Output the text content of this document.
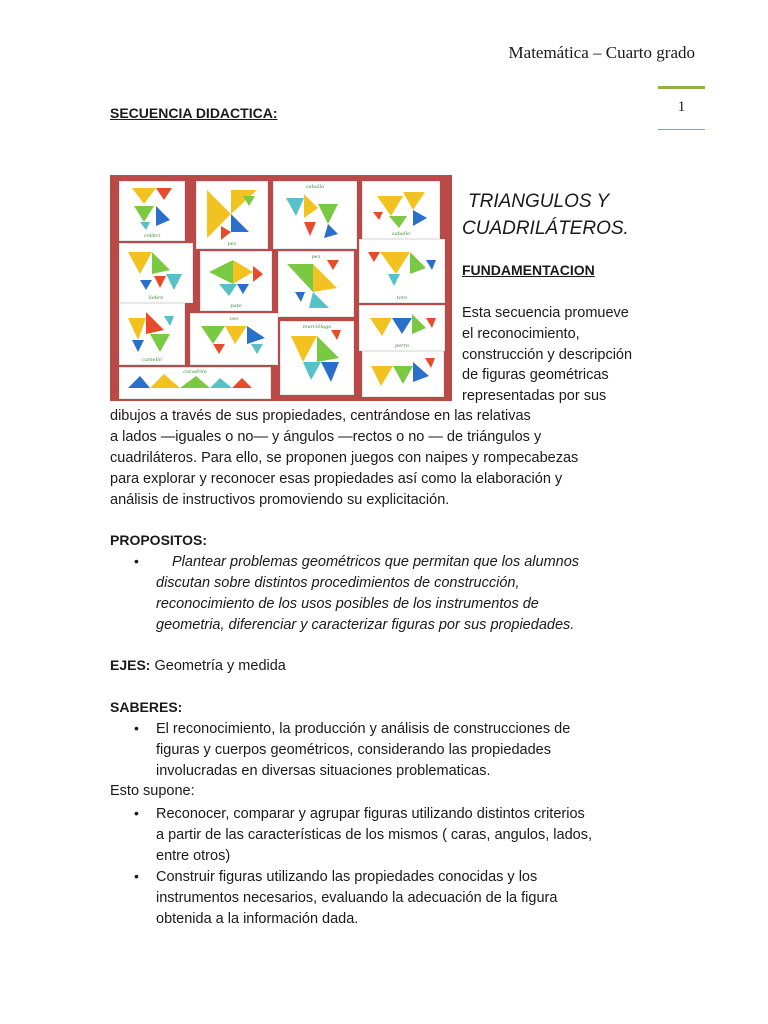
Matemática – Cuarto grado
1
SECUENCIA DIDACTICA:
colibrí
pez
caballo
caballo
liebre
pato
pez
toro
camello
oso
murciélago
perro
cocodrilo
TRIANGULOS Y
CUADRILÁTEROS.
FUNDAMENTACION
Esta secuencia promueve
el reconocimiento,
construcción y descripción
de figuras geométricas
representadas por sus
dibujos a través de sus propiedades, centrándose en las relativas
a lados —iguales o no— y ángulos —rectos o no — de triángulos y
cuadriláteros. Para ello, se proponen juegos con naipes y rompecabezas
para explorar y reconocer esas propiedades así como la elaboración y
análisis de instructivos promoviendo su explicitación.
PROPOSITOS:
•	Plantear problemas geométricos que permitan que los alumnos
discutan sobre distintos procedimientos de construcción,
reconocimiento de los usos posibles de los instrumentos de
geometria, diferenciar y caracterizar figuras por sus propiedades.
EJES: Geometría y medida
SABERES:
• El reconocimiento, la producción y análisis de construcciones de
figuras y cuerpos geométricos, considerando las propiedades
involucradas en diversas situaciones problematicas.
Esto supone:
• Reconocer, comparar y agrupar figuras utilizando distintos criterios
a partir de las características de los mismos ( caras, angulos, lados,
entre otros)
• Construir figuras utilizando las propiedades conocidas y los
instrumentos necesarios, evaluando la adecuación de la figura
obtenida a la información dada.
